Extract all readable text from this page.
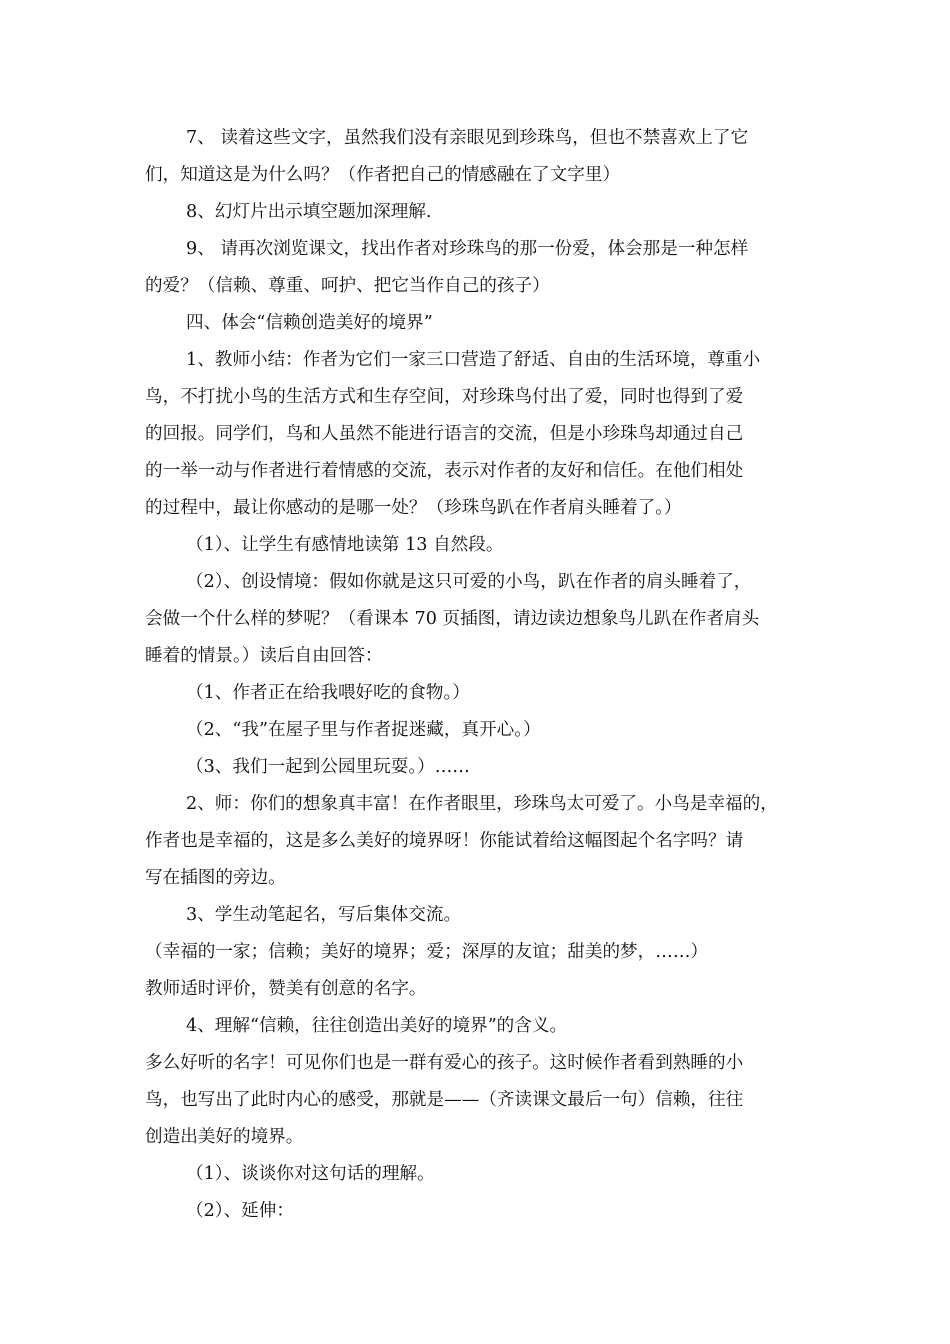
7、 读着这些文字，虽然我们没有亲眼见到珍珠鸟，但也不禁喜欢上了它
们，知道这是为什么吗？（作者把自己的情感融在了文字里）
8、幻灯片出示填空题加深理解.
9、 请再次浏览课文，找出作者对珍珠鸟的那一份爱，体会那是一种怎样
的爱？（信赖、尊重、呵护、把它当作自己的孩子）
四、体会“信赖创造美好的境界”
1、教师小结：作者为它们一家三口营造了舒适、自由的生活环境，尊重小
鸟，不打扰小鸟的生活方式和生存空间，对珍珠鸟付出了爱，同时也得到了爱
的回报。同学们，鸟和人虽然不能进行语言的交流，但是小珍珠鸟却通过自己
的一举一动与作者进行着情感的交流，表示对作者的友好和信任。在他们相处
的过程中，最让你感动的是哪一处？（珍珠鸟趴在作者肩头睡着了。）
（1）、让学生有感情地读第 13 自然段。
（2）、创设情境：假如你就是这只可爱的小鸟，趴在作者的肩头睡着了，
会做一个什么样的梦呢？（看课本 70 页插图，请边读边想象鸟儿趴在作者肩头
睡着的情景。）读后自由回答：
（1、作者正在给我喂好吃的食物。）
（2、“我”在屋子里与作者捉迷藏，真开心。）
（3、我们一起到公园里玩耍。）……
2、师：你们的想象真丰富！在作者眼里，珍珠鸟太可爱了。小鸟是幸福的，
作者也是幸福的，这是多么美好的境界呀！你能试着给这幅图起个名字吗？请
写在插图的旁边。
3、学生动笔起名，写后集体交流。
（幸福的一家；信赖；美好的境界；爱；深厚的友谊；甜美的梦，……）
教师适时评价，赞美有创意的名字。
4、理解“信赖，往往创造出美好的境界”的含义。
多么好听的名字！可见你们也是一群有爱心的孩子。这时候作者看到熟睡的小
鸟，也写出了此时内心的感受，那就是——（齐读课文最后一句）信赖，往往
创造出美好的境界。
（1）、谈谈你对这句话的理解。
（2）、延伸：
